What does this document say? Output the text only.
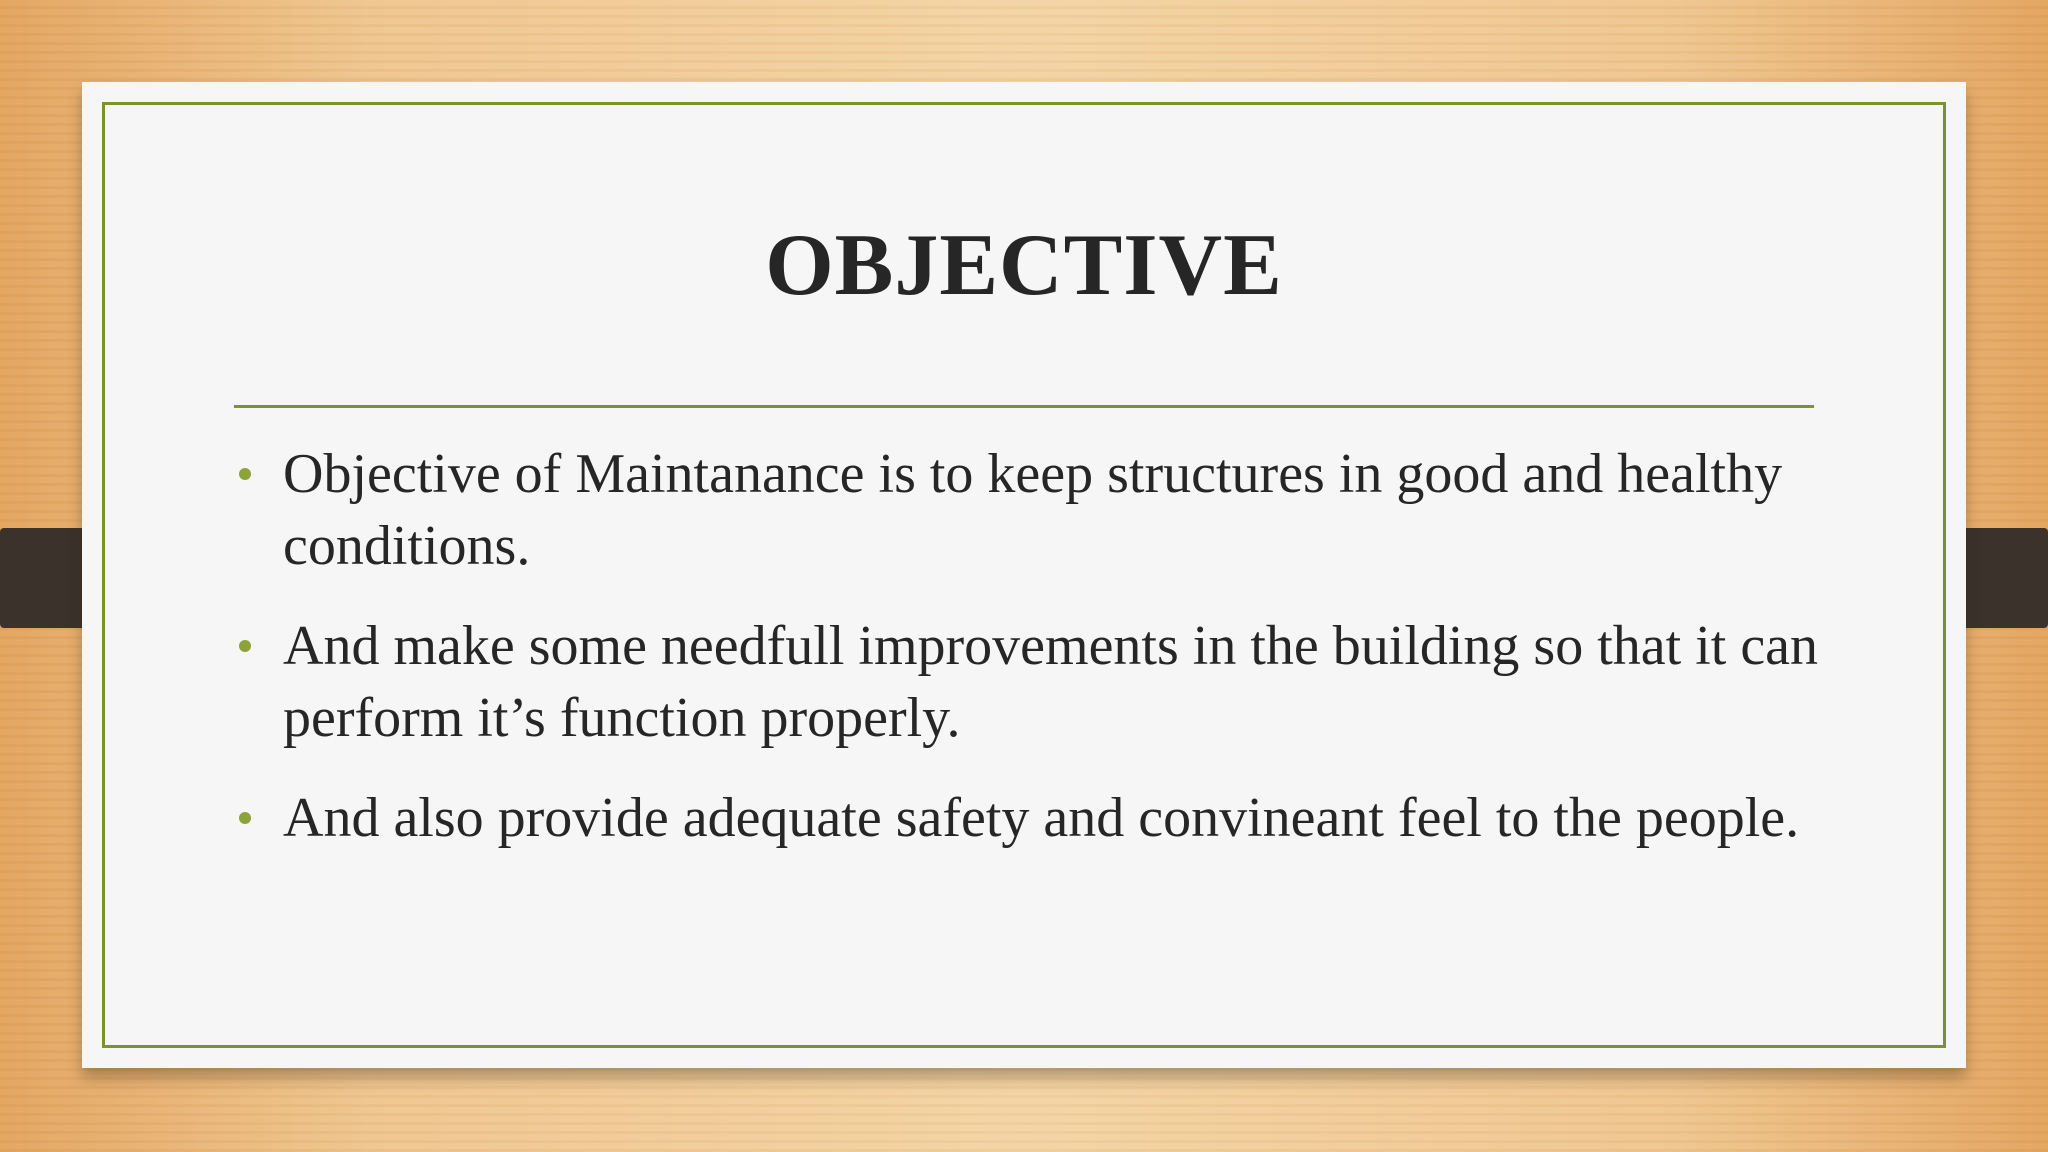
OBJECTIVE
Objective of Maintanance is to keep structures in good and healthy conditions.
And make some needfull improvements in the building so that it can perform it’s function properly.
And also provide adequate safety and convineant feel to the people.
